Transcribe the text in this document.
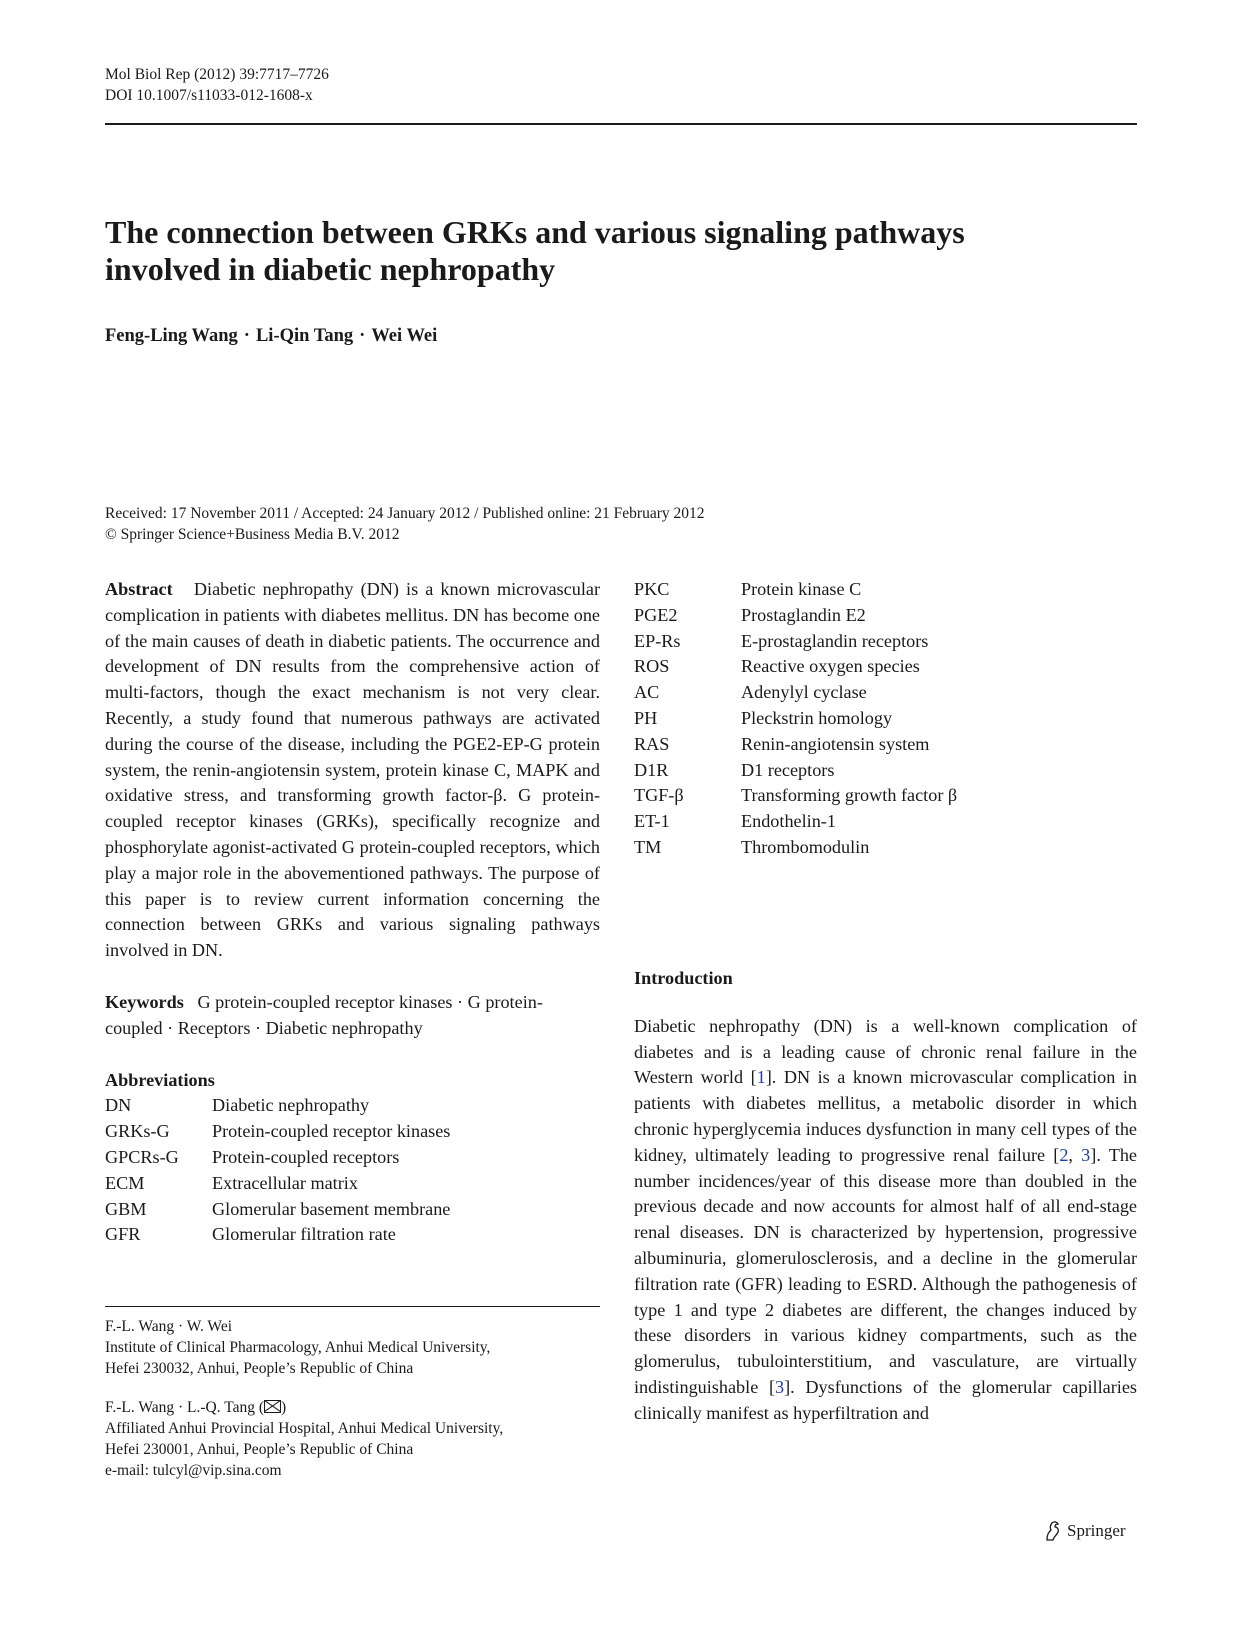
Mol Biol Rep (2012) 39:7717–7726
DOI 10.1007/s11033-012-1608-x
The connection between GRKs and various signaling pathways
involved in diabetic nephropathy
Feng-Ling Wang · Li-Qin Tang · Wei Wei
Received: 17 November 2011 / Accepted: 24 January 2012 / Published online: 21 February 2012
© Springer Science+Business Media B.V. 2012

Abstract Diabetic nephropathy (DN) is a known microvascular complication in patients with diabetes mellitus. DN has become one of the main causes of death in diabetic patients. The occurrence and development of DN results from the comprehensive action of multi-factors, though the exact mechanism is not very clear. Recently, a study found that numerous pathways are activated during the course of the disease, including the PGE2-EP-G protein system, the renin-angiotensin system, protein kinase C, MAPK and oxidative stress, and transforming growth factor-β. G protein-coupled receptor kinases (GRKs), specifically recognize and phosphorylate agonist-activated G protein-coupled receptors, which play a major role in the abovementioned pathways. The purpose of this paper is to review current information concerning the connection between GRKs and various signaling pathways involved in DN.

Keywords G protein-coupled receptor kinases · G protein-coupled · Receptors · Diabetic nephropathy

Abbreviations
DN	Diabetic nephropathy
GRKs-G	Protein-coupled receptor kinases
GPCRs-G	Protein-coupled receptors
ECM	Extracellular matrix
GBM	Glomerular basement membrane
GFR	Glomerular filtration rate
F.-L. Wang · W. Wei
Institute of Clinical Pharmacology, Anhui Medical University,
Hefei 230032, Anhui, People’s Republic of China
F.-L. Wang · L.-Q. Tang ( )
Affiliated Anhui Provincial Hospital, Anhui Medical University,
Hefei 230001, Anhui, People’s Republic of China
e-mail: tulcyl@vip.sina.com
PKC	Protein kinase C
PGE2	Prostaglandin E2
EP-Rs	E-prostaglandin receptors
ROS	Reactive oxygen species
AC	Adenylyl cyclase
PH	Pleckstrin homology
RAS	Renin-angiotensin system
D1R	D1 receptors
TGF-β	Transforming growth factor β
ET-1	Endothelin-1
TM	Thrombomodulin
Introduction

Diabetic nephropathy (DN) is a well-known complication of diabetes and is a leading cause of chronic renal failure in the Western world [1]. DN is a known microvascular complication in patients with diabetes mellitus, a metabolic disorder in which chronic hyperglycemia induces dysfunction in many cell types of the kidney, ultimately leading to progressive renal failure [2, 3]. The number incidences/year of this disease more than doubled in the previous decade and now accounts for almost half of all end-stage renal diseases. DN is characterized by hypertension, progressive albuminuria, glomerulosclerosis, and a decline in the glomerular filtration rate (GFR) leading to ESRD. Although the pathogenesis of type 1 and type 2 diabetes are different, the changes induced by these disorders in various kidney compartments, such as the glomerulus, tubulointerstitium, and vasculature, are virtually indistinguishable [3]. Dysfunctions of the glomerular capillaries clinically manifest as hyperfiltration and

Springer
